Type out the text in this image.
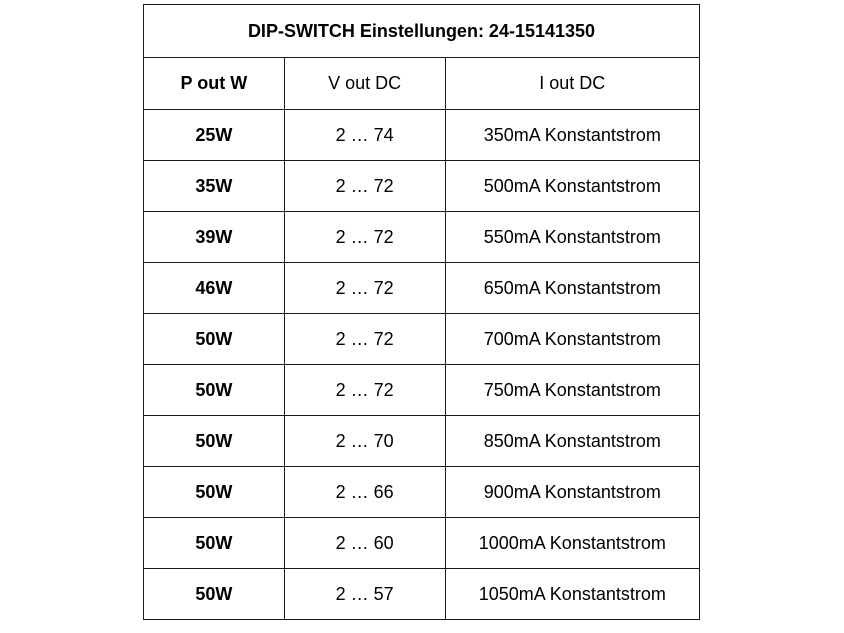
DIP-SWITCH Einstellungen: 24-15141350		
P out W	V out DC	I out DC
25W	2 … 74	350mA Konstantstrom
35W	2 … 72	500mA Konstantstrom
39W	2 … 72	550mA Konstantstrom
46W	2 … 72	650mA Konstantstrom
50W	2 … 72	700mA Konstantstrom
50W	2 … 72	750mA Konstantstrom
50W	2 … 70	850mA Konstantstrom
50W	2 … 66	900mA Konstantstrom
50W	2 … 60	1000mA Konstantstrom
50W	2 … 57	1050mA Konstantstrom
